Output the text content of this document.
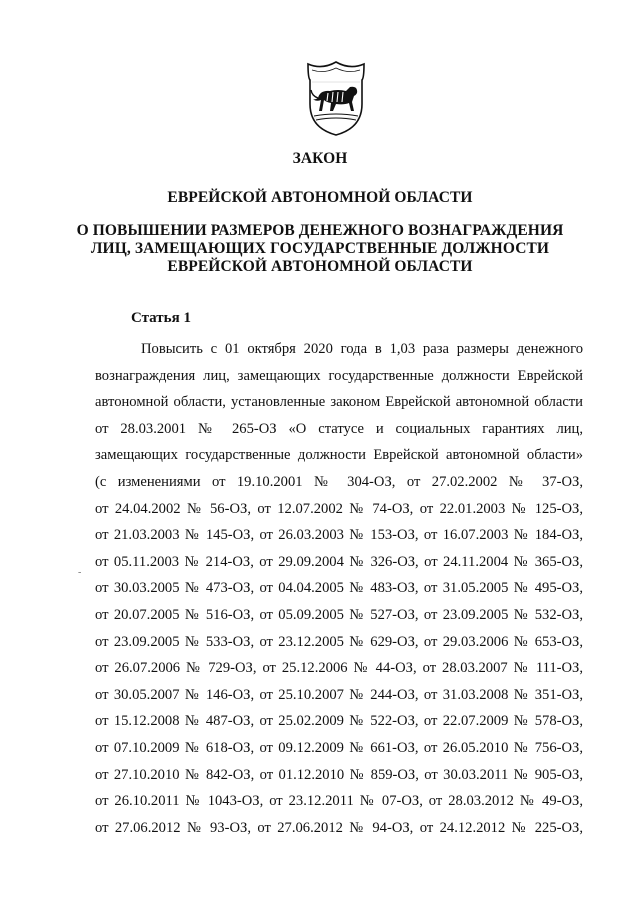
ЗАКОН
ЕВРЕЙСКОЙ АВТОНОМНОЙ ОБЛАСТИ
О ПОВЫШЕНИИ РАЗМЕРОВ ДЕНЕЖНОГО ВОЗНАГРАЖДЕНИЯ
ЛИЦ, ЗАМЕЩАЮЩИХ ГОСУДАРСТВЕННЫЕ ДОЛЖНОСТИ
ЕВРЕЙСКОЙ АВТОНОМНОЙ ОБЛАСТИ
Статья 1
Повысить с 01 октября 2020 года в 1,03 раза размеры денежного
вознаграждения лиц, замещающих государственные должности Еврейской
автономной области, установленные законом Еврейской автономной области
от 28.03.2001 № 265-ОЗ «О статусе и социальных гарантиях лиц,
замещающих государственные должности Еврейской автономной области»
(с изменениями от 19.10.2001 № 304-ОЗ, от 27.02.2002 № 37-ОЗ,
от 24.04.2002 № 56-ОЗ, от 12.07.2002 № 74-ОЗ, от 22.01.2003 № 125-ОЗ,
от 21.03.2003 № 145-ОЗ, от 26.03.2003 № 153-ОЗ, от 16.07.2003 № 184-ОЗ,
от 05.11.2003 № 214-ОЗ, от 29.09.2004 № 326-ОЗ, от 24.11.2004 № 365-ОЗ,
от 30.03.2005 № 473-ОЗ, от 04.04.2005 № 483-ОЗ, от 31.05.2005 № 495-ОЗ,
от 20.07.2005 № 516-ОЗ, от 05.09.2005 № 527-ОЗ, от 23.09.2005 № 532-ОЗ,
от 23.09.2005 № 533-ОЗ, от 23.12.2005 № 629-ОЗ, от 29.03.2006 № 653-ОЗ,
от 26.07.2006 № 729-ОЗ, от 25.12.2006 № 44-ОЗ, от 28.03.2007 № 111-ОЗ,
от 30.05.2007 № 146-ОЗ, от 25.10.2007 № 244-ОЗ, от 31.03.2008 № 351-ОЗ,
от 15.12.2008 № 487-ОЗ, от 25.02.2009 № 522-ОЗ, от 22.07.2009 № 578-ОЗ,
от 07.10.2009 № 618-ОЗ, от 09.12.2009 № 661-ОЗ, от 26.05.2010 № 756-ОЗ,
от 27.10.2010 № 842-ОЗ, от 01.12.2010 № 859-ОЗ, от 30.03.2011 № 905-ОЗ,
от 26.10.2011 № 1043-ОЗ, от 23.12.2011 № 07-ОЗ, от 28.03.2012 № 49-ОЗ,
от 27.06.2012 № 93-ОЗ, от 27.06.2012 № 94-ОЗ, от 24.12.2012 № 225-ОЗ,
-
